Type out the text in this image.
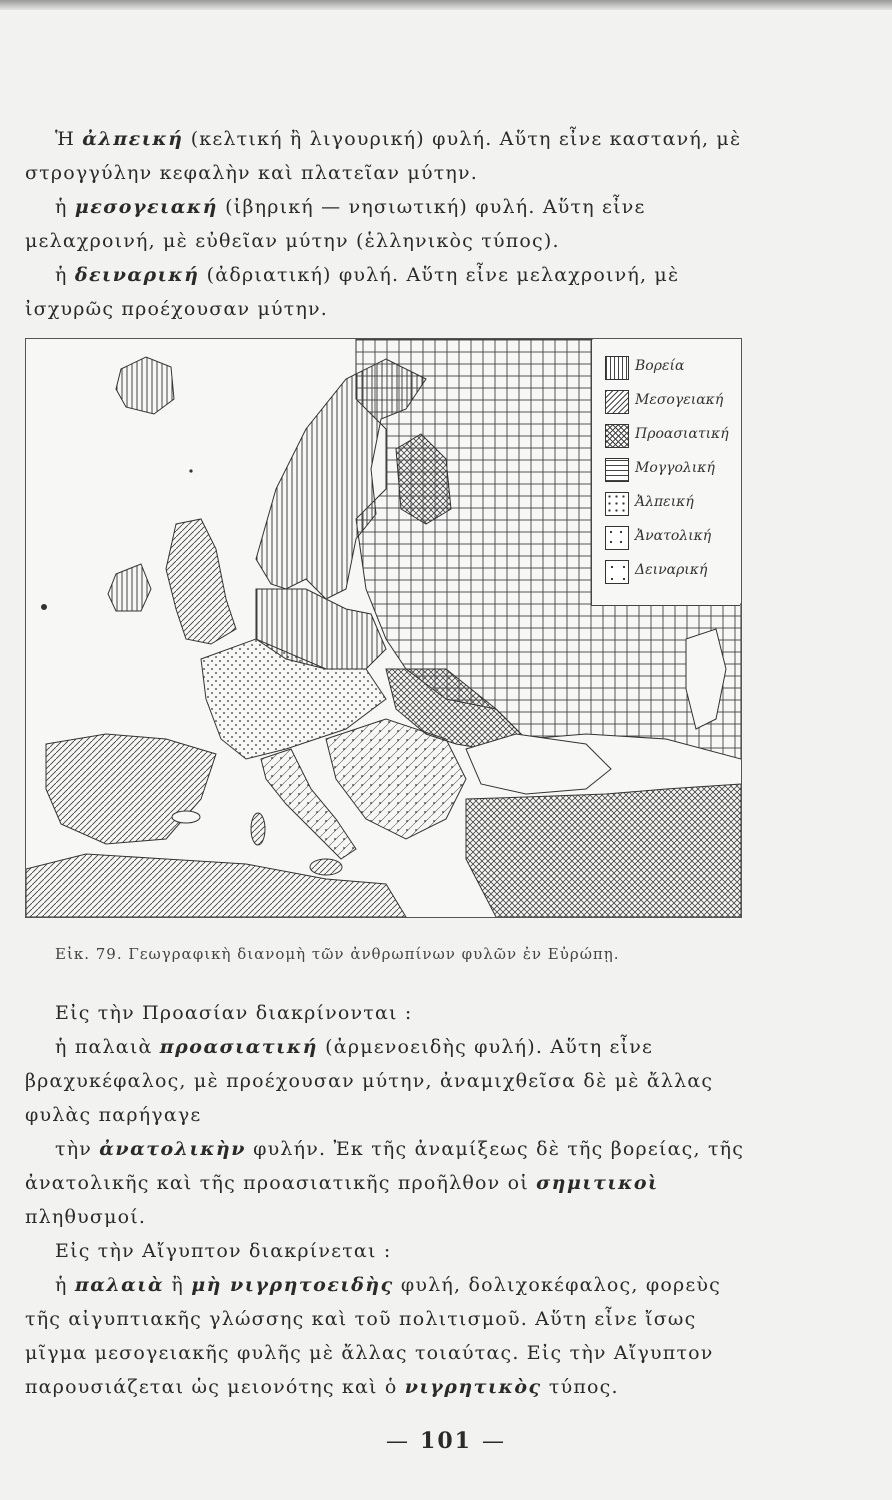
Ἡ ἀλπεική (κελτική ἢ λιγουρική) φυλή. Αὕτη εἶνε καστανή, μὲ στρογγύλην κεφαλὴν καὶ πλατεῖαν μύτην.

ἡ μεσογειακή (ἰβηρική — νησιωτική) φυλή. Αὕτη εἶνε μελαχροινή, μὲ εὐθεῖαν μύτην (ἑλληνικὸς τύπος).

ἡ δειναρική (ἀδριατική) φυλή. Αὕτη εἶνε μελαχροινή, μὲ ἰσχυρῶς προέχουσαν μύτην.

Βορεία
Μεσογειακή
Προασιατική
Μογγολική
Ἀλπεική
Ἀνατολική
Δειναρική
Εἰκ. 79. Γεωγραφικὴ διανομὴ τῶν ἀνθρωπίνων φυλῶν ἐν Εὐρώπῃ.

Εἰς τὴν Προασίαν διακρίνονται :

ἡ παλαιὰ προασιατική (ἀρμενοειδὴς φυλή). Αὕτη εἶνε βραχυκέφαλος, μὲ προέχουσαν μύτην, ἀναμιχθεῖσα δὲ μὲ ἄλλας φυλὰς παρήγαγε

τὴν ἀνατολικὴν φυλήν. Ἐκ τῆς ἀναμίξεως δὲ τῆς βορείας, τῆς ἀνατολικῆς καὶ τῆς προασιατικῆς προῆλθον οἱ σημιτικοὶ πληθυσμοί.

Εἰς τὴν Αἴγυπτον διακρίνεται :

ἡ παλαιὰ ἢ μὴ νιγρητοειδὴς φυλή, δολιχοκέφαλος, φορεὺς τῆς αἰγυπτιακῆς γλώσσης καὶ τοῦ πολιτισμοῦ. Αὕτη εἶνε ἴσως μῖγμα μεσογειακῆς φυλῆς μὲ ἄλλας τοιαύτας. Εἰς τὴν Αἴγυπτον παρουσιάζεται ὡς μειονότης καὶ ὁ νιγρητικὸς τύπος.

— 101 —
